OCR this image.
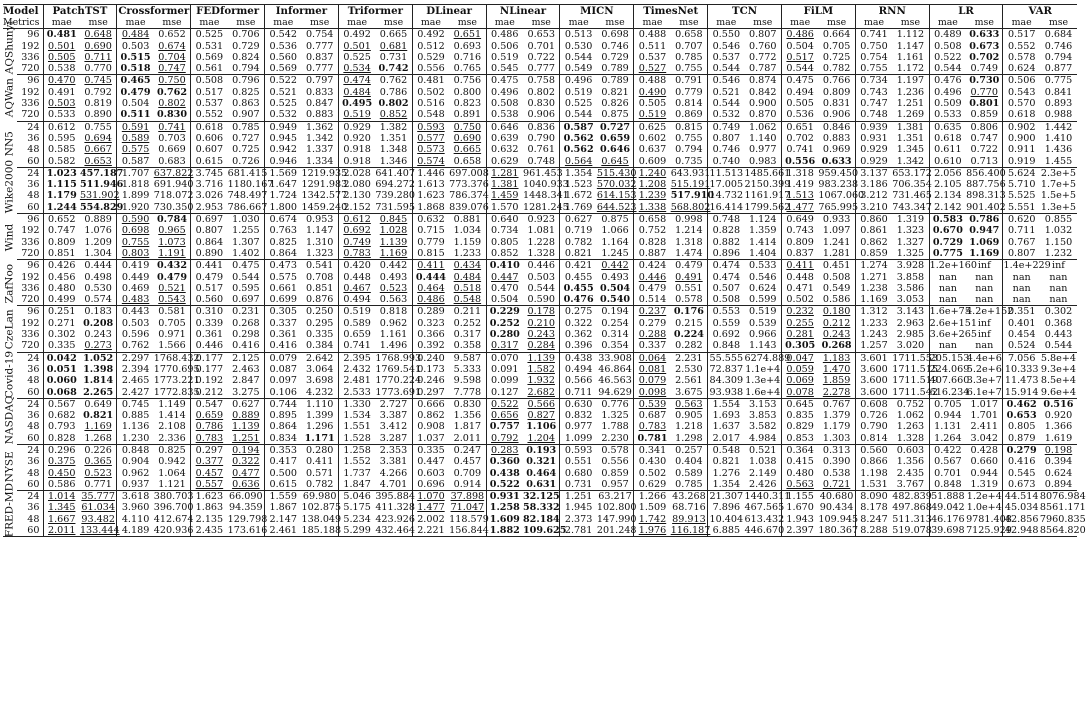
Model		PatchTST		Crossformer		FEDformer		Informer		Triformer		DLinear		NLinear		MICN		TimesNet		TCN		FiLM		RNN		LR		VAR	
Metrics		mae	mse	mae	mse	mae	mse	mae	mse	mae	mse	mae	mse	mae	mse	mae	mse	mae	mse	mae	mse	mae	mse	mae	mse	mae	mse	mae	mse
AQShunyi	96	0.481	0.648	0.484	0.652	0.525	0.706	0.542	0.754	0.492	0.665	0.492	0.651	0.486	0.653	0.513	0.698	0.488	0.658	0.550	0.807	0.486	0.664	0.741	1.112	0.489	0.633	0.517	0.684
	192	0.501	0.690	0.503	0.674	0.531	0.729	0.536	0.777	0.501	0.681	0.512	0.693	0.506	0.701	0.530	0.746	0.511	0.707	0.546	0.760	0.504	0.705	0.750	1.147	0.508	0.673	0.552	0.746
	336	0.505	0.711	0.515	0.704	0.569	0.824	0.560	0.837	0.525	0.731	0.529	0.716	0.519	0.722	0.544	0.729	0.537	0.785	0.537	0.772	0.517	0.725	0.754	1.161	0.522	0.702	0.578	0.794
	720	0.538	0.770	0.518	0.747	0.561	0.794	0.569	0.777	0.534	0.742	0.556	0.765	0.545	0.777	0.549	0.789	0.527	0.755	0.544	0.787	0.544	0.782	0.755	1.172	0.544	0.749	0.624	0.877
AQWan	96	0.470	0.745	0.465	0.750	0.508	0.796	0.522	0.797	0.474	0.762	0.481	0.756	0.475	0.758	0.496	0.789	0.488	0.791	0.546	0.874	0.475	0.766	0.734	1.197	0.476	0.730	0.506	0.775
	192	0.491	0.792	0.479	0.762	0.517	0.825	0.521	0.833	0.484	0.786	0.502	0.800	0.496	0.802	0.519	0.821	0.490	0.779	0.521	0.842	0.494	0.809	0.743	1.236	0.496	0.770	0.543	0.841
	336	0.503	0.819	0.504	0.802	0.537	0.863	0.525	0.847	0.495	0.802	0.516	0.823	0.508	0.830	0.525	0.826	0.505	0.814	0.544	0.900	0.505	0.831	0.747	1.251	0.509	0.801	0.570	0.893
	720	0.533	0.890	0.511	0.830	0.552	0.907	0.532	0.883	0.519	0.852	0.548	0.891	0.538	0.906	0.544	0.875	0.519	0.869	0.532	0.870	0.536	0.906	0.748	1.269	0.533	0.859	0.618	0.988
NN5	24	0.612	0.755	0.591	0.741	0.618	0.785	0.949	1.362	0.929	1.382	0.593	0.750	0.646	0.836	0.587	0.727	0.625	0.815	0.749	1.062	0.651	0.846	0.939	1.381	0.635	0.806	0.902	1.442
	36	0.595	0.694	0.589	0.703	0.606	0.727	0.945	1.342	0.920	1.351	0.577	0.690	0.639	0.790	0.562	0.659	0.602	0.755	0.807	1.140	0.702	0.883	0.931	1.351	0.618	0.747	0.900	1.410
	48	0.585	0.667	0.575	0.669	0.607	0.725	0.942	1.337	0.918	1.348	0.573	0.665	0.632	0.761	0.562	0.646	0.637	0.794	0.746	0.977	0.741	0.969	0.929	1.345	0.611	0.722	0.911	1.436
	60	0.582	0.653	0.587	0.683	0.615	0.726	0.946	1.334	0.918	1.346	0.574	0.658	0.629	0.748	0.564	0.645	0.609	0.735	0.740	0.983	0.556	0.633	0.929	1.342	0.610	0.713	0.919	1.455
Wike2000	24	1.023	457.187	1.707	637.822	3.745	681.415	1.569	1219.935	2.028	641.407	1.446	697.008	1.281	961.453	1.354	515.430	1.240	643.931	11.513	1485.661	1.318	959.450	3.137	653.172	2.056	856.400	5.624	2.3e+5
	36	1.115	511.946	1.818	691.940	3.716	1180.167	1.647	1291.983	2.080	694.272	1.613	773.376	1.381	1040.933	1.523	570.032	1.208	515.191	17.005	2150.399	1.419	983.238	3.186	706.354	2.105	887.756	5.710	1.7e+5
	48	1.179	531.902	1.899	718.072	3.026	748.497	1.724	1342.577	2.130	739.280	1.623	786.374	1.459	1448.341	1.672	614.153	1.239	517.910	14.732	1161.917	1.513	1067.060	3.212	731.465	2.134	898.313	5.525	1.5e+5
	60	1.244	554.829	1.920	730.350	2.953	786.667	1.800	1459.240	2.152	731.595	1.868	839.076	1.570	1281.245	1.769	644.523	1.338	568.802	16.414	1799.562	1.477	765.995	3.210	743.347	2.142	901.402	5.551	1.3e+5
Wind	96	0.652	0.889	0.590	0.784	0.697	1.030	0.674	0.953	0.612	0.845	0.632	0.881	0.640	0.923	0.627	0.875	0.658	0.998	0.748	1.124	0.649	0.933	0.860	1.319	0.583	0.786	0.620	0.855
	192	0.747	1.076	0.698	0.965	0.807	1.255	0.763	1.147	0.692	1.028	0.715	1.034	0.734	1.081	0.719	1.066	0.752	1.214	0.828	1.359	0.743	1.097	0.861	1.323	0.670	0.947	0.711	1.032
	336	0.809	1.209	0.755	1.073	0.864	1.307	0.825	1.310	0.749	1.139	0.779	1.159	0.805	1.228	0.782	1.164	0.828	1.318	0.882	1.414	0.809	1.241	0.862	1.327	0.729	1.069	0.767	1.150
	720	0.851	1.304	0.803	1.191	0.890	1.402	0.864	1.323	0.783	1.169	0.815	1.233	0.852	1.328	0.821	1.245	0.887	1.474	0.896	1.404	0.837	1.281	0.859	1.325	0.775	1.169	0.807	1.232
ZafNoo	96	0.426	0.444	0.419	0.432	0.441	0.475	0.473	0.541	0.420	0.442	0.411	0.434	0.410	0.446	0.421	0.442	0.424	0.479	0.474	0.533	0.411	0.451	1.274	3.928	1.2e+160	inf	1.4e+229	inf
	192	0.456	0.498	0.449	0.479	0.479	0.544	0.575	0.708	0.448	0.493	0.444	0.484	0.447	0.503	0.455	0.493	0.446	0.491	0.474	0.546	0.448	0.508	1.271	3.858	nan	nan	nan	nan
	336	0.480	0.530	0.469	0.521	0.517	0.595	0.661	0.851	0.467	0.523	0.464	0.518	0.470	0.544	0.455	0.504	0.479	0.551	0.507	0.624	0.471	0.549	1.238	3.586	nan	nan	nan	nan
	720	0.499	0.574	0.483	0.543	0.560	0.697	0.699	0.876	0.494	0.563	0.486	0.548	0.504	0.590	0.476	0.540	0.514	0.578	0.508	0.599	0.502	0.586	1.169	3.053	nan	nan	nan	nan
CzeLan	96	0.251	0.183	0.443	0.581	0.310	0.231	0.305	0.250	0.519	0.818	0.289	0.211	0.229	0.178	0.275	0.194	0.237	0.176	0.553	0.519	0.232	0.180	1.312	3.143	1.6e+75	4.2e+152	0.351	0.302
	192	0.271	0.208	0.503	0.705	0.339	0.268	0.337	0.295	0.589	0.962	0.323	0.252	0.252	0.210	0.322	0.254	0.279	0.215	0.559	0.539	0.255	0.212	1.233	2.963	2.6e+151	inf	0.401	0.368
	336	0.302	0.243	0.596	0.971	0.361	0.298	0.361	0.335	0.659	1.161	0.366	0.317	0.280	0.243	0.362	0.314	0.288	0.224	0.692	0.966	0.281	0.243	1.243	2.985	3.6e+265	inf	0.454	0.443
	720	0.335	0.273	0.762	1.566	0.446	0.416	0.416	0.384	0.741	1.496	0.392	0.358	0.317	0.284	0.396	0.354	0.337	0.282	0.848	1.143	0.305	0.268	1.257	3.020	nan	nan	0.524	0.544
Covid-19	24	0.042	1.052	2.297	1768.432	0.177	2.125	0.079	2.642	2.395	1768.993	0.240	9.587	0.070	1.139	0.438	33.908	0.064	2.231	55.555	6274.889	0.047	1.183	3.601	1711.553	205.153	4.4e+6	7.056	5.8e+4
	36	0.051	1.398	2.394	1770.695	0.177	2.463	0.087	3.064	2.432	1769.541	0.173	5.333	0.091	1.582	0.494	46.864	0.081	2.530	72.837	1.1e+4	0.059	1.470	3.600	1711.515	224.069	5.2e+6	10.333	9.3e+4
	48	0.060	1.814	2.465	1773.221	0.192	2.847	0.097	3.698	2.481	1770.224	0.246	9.598	0.099	1.932	0.566	46.563	0.079	2.561	84.309	1.3e+4	0.069	1.859	3.600	1711.519	407.660	3.3e+7	11.473	8.5e+4
	60	0.068	2.265	2.427	1772.835	0.212	3.275	0.106	4.232	2.533	1773.691	0.297	7.778	0.127	2.682	0.711	94.629	0.098	3.675	93.938	1.6e+4	0.078	2.278	3.600	1711.542	616.234	6.1e+7	15.914	9.6e+4
NASDAQ	24	0.567	0.649	0.745	1.149	0.547	0.627	0.744	1.110	1.330	2.727	0.666	0.830	0.522	0.566	0.630	0.776	0.539	0.563	1.554	3.153	0.645	0.767	0.608	0.752	0.705	1.017	0.462	0.516
	36	0.682	0.821	0.885	1.414	0.659	0.889	0.895	1.399	1.534	3.387	0.862	1.356	0.656	0.827	0.832	1.325	0.687	0.905	1.693	3.853	0.835	1.379	0.726	1.062	0.944	1.701	0.653	0.920
	48	0.793	1.169	1.136	2.108	0.786	1.139	0.864	1.296	1.551	3.412	0.908	1.817	0.757	1.106	0.977	1.788	0.783	1.218	1.637	3.582	0.829	1.179	0.790	1.263	1.131	2.411	0.805	1.366
	60	0.828	1.268	1.230	2.336	0.783	1.251	0.834	1.171	1.528	3.287	1.037	2.011	0.792	1.204	1.099	2.230	0.781	1.298	2.017	4.984	0.853	1.303	0.814	1.328	1.264	3.042	0.879	1.619
NYSE	24	0.296	0.226	0.848	0.825	0.297	0.194	0.353	0.280	1.258	2.353	0.335	0.247	0.283	0.193	0.593	0.578	0.341	0.257	0.548	0.521	0.364	0.313	0.560	0.603	0.422	0.428	0.279	0.198
	36	0.375	0.365	0.904	0.942	0.377	0.322	0.417	0.411	1.552	3.381	0.447	0.457	0.360	0.321	0.551	0.556	0.430	0.404	0.821	1.038	0.415	0.390	0.866	1.356	0.567	0.660	0.416	0.394
	48	0.450	0.523	0.962	1.064	0.457	0.477	0.500	0.571	1.737	4.266	0.603	0.709	0.438	0.464	0.680	0.859	0.502	0.589	1.276	2.149	0.480	0.538	1.198	2.435	0.701	0.944	0.545	0.624
	60	0.586	0.771	0.937	1.121	0.557	0.636	0.615	0.782	1.847	4.701	0.696	0.914	0.522	0.631	0.731	0.957	0.629	0.785	1.354	2.426	0.563	0.721	1.531	3.767	0.848	1.319	0.673	0.894
FRED-MD	24	1.014	35.777	3.618	380.703	1.623	66.090	1.559	69.980	5.046	395.884	1.070	37.898	0.931	32.125	1.251	63.217	1.266	43.268	21.307	1440.311	1.155	40.680	8.090	482.839	51.888	1.2e+4	44.514	8076.984
	36	1.345	61.034	3.960	396.700	1.863	94.359	1.867	102.875	5.175	411.328	1.477	71.047	1.258	58.332	1.945	102.800	1.509	68.716	7.896	467.565	1.670	90.434	8.178	497.868	49.042	1.0e+4	45.034	8561.171
	48	1.667	93.482	4.110	412.674	2.135	129.798	2.147	138.049	5.234	423.926	2.002	118.579	1.609	82.184	2.373	147.990	1.742	89.913	10.404	613.432	1.943	109.945	8.247	511.313	46.176	9781.408	42.856	7960.835
	60	2.011	133.444	4.189	420.936	2.435	173.616	2.461	185.188	5.299	432.464	2.221	156.844	1.882	109.625	2.781	201.248	1.976	116.187	6.885	446.670	2.397	180.367	8.288	519.078	39.698	7125.929	42.948	8564.820
